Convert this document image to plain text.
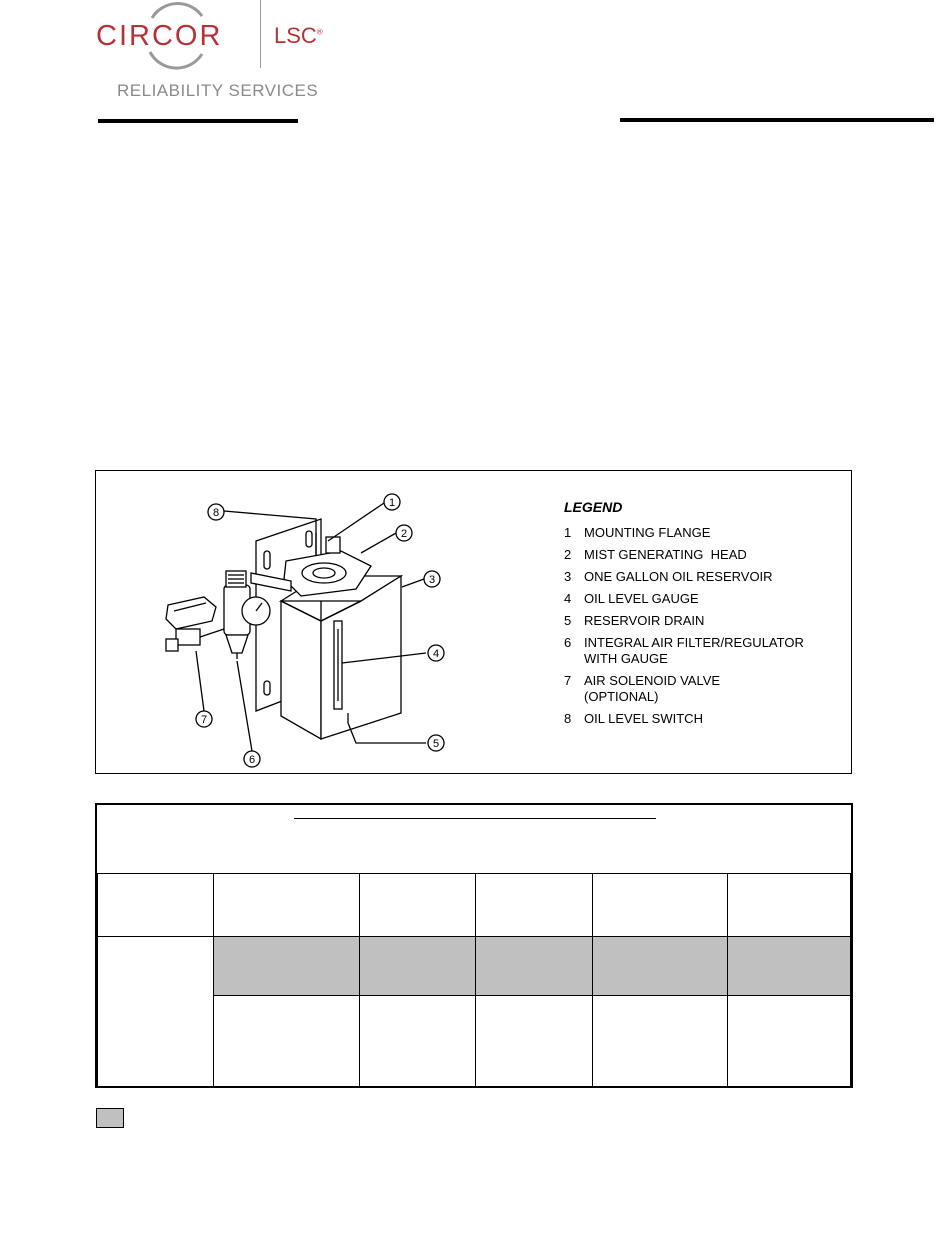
CIRCOR LSC®
RELIABILITY SERVICES
8
1
2
3
4
5
7
6
LEGEND
1 MOUNTING FLANGE
2 MIST GENERATING  HEAD
3 ONE GALLON OIL RESERVOIR
4 OIL LEVEL GAUGE
5 RESERVOIR DRAIN
6 INTEGRAL AIR FILTER/REGULATOR WITH GAUGE
7 AIR SOLENOID VALVE (OPTIONAL)
8 OIL LEVEL SWITCH
